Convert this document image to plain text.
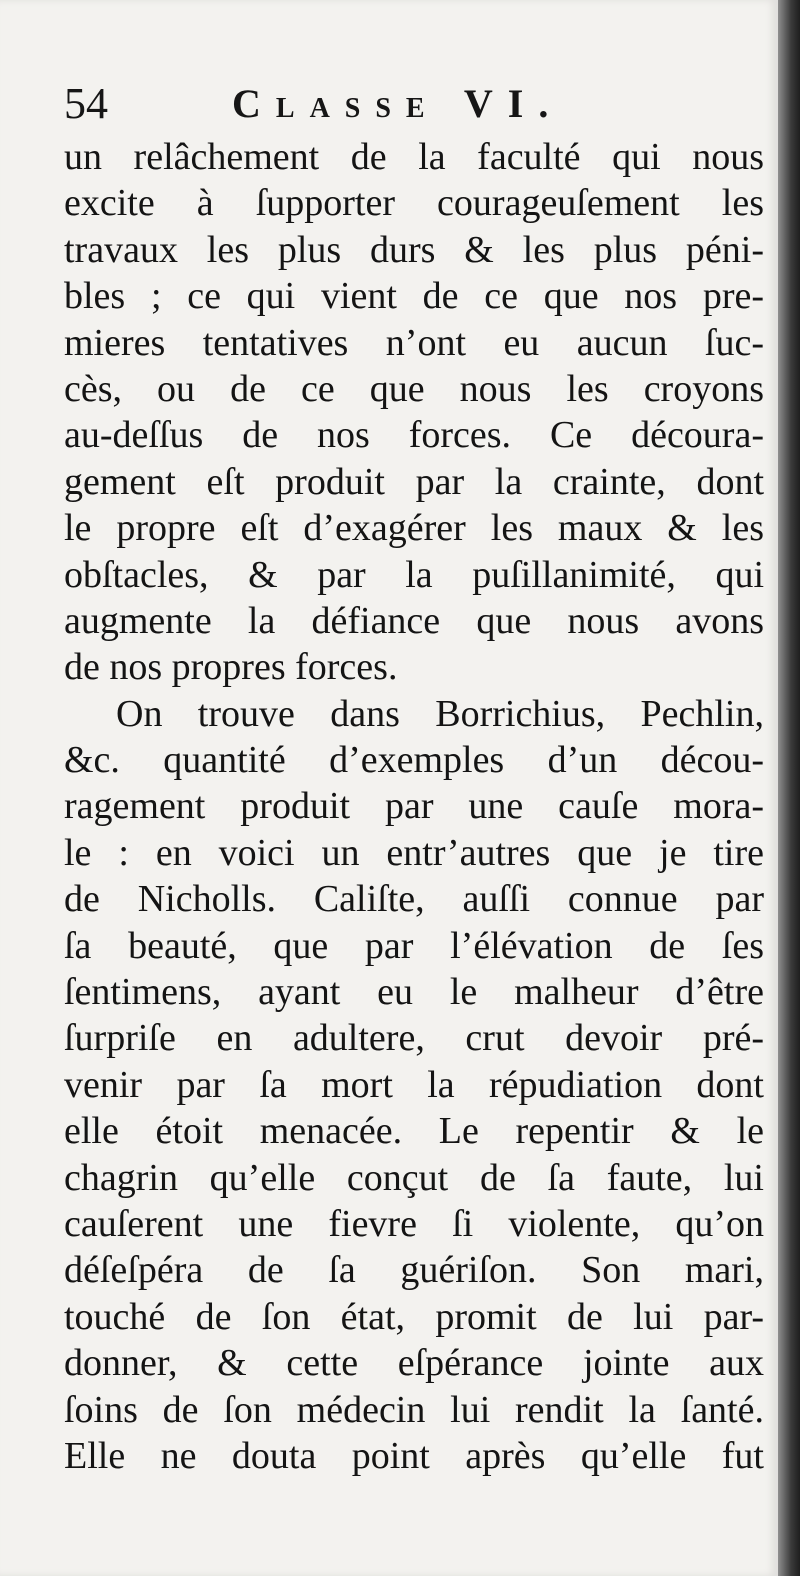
54	Classe VI.
un relâchement de la faculté qui nous
excite à ſupporter courageuſement les
travaux les plus durs & les plus péni-
bles ; ce qui vient de ce que nos pre-
mieres tentatives n’ont eu aucun ſuc-
cès, ou de ce que nous les croyons
au-deſſus de nos forces. Ce découra-
gement eſt produit par la crainte, dont
le propre eſt d’exagérer les maux & les
obſtacles, & par la puſillanimité, qui
augmente la défiance que nous avons
de nos propres forces.
On trouve dans Borrichius, Pechlin,
&c. quantité d’exemples d’un décou-
ragement produit par une cauſe mora-
le : en voici un entr’autres que je tire
de Nicholls. Caliſte, auſſi connue par
ſa beauté, que par l’élévation de ſes
ſentimens, ayant eu le malheur d’être
ſurpriſe en adultere, crut devoir pré-
venir par ſa mort la répudiation dont
elle étoit menacée. Le repentir & le
chagrin qu’elle conçut de ſa faute, lui
cauſerent une fievre ſi violente, qu’on
déſeſpéra de ſa guériſon. Son mari,
touché de ſon état, promit de lui par-
donner, & cette eſpérance jointe aux
ſoins de ſon médecin lui rendit la ſanté.
Elle ne douta point après qu’elle fut
